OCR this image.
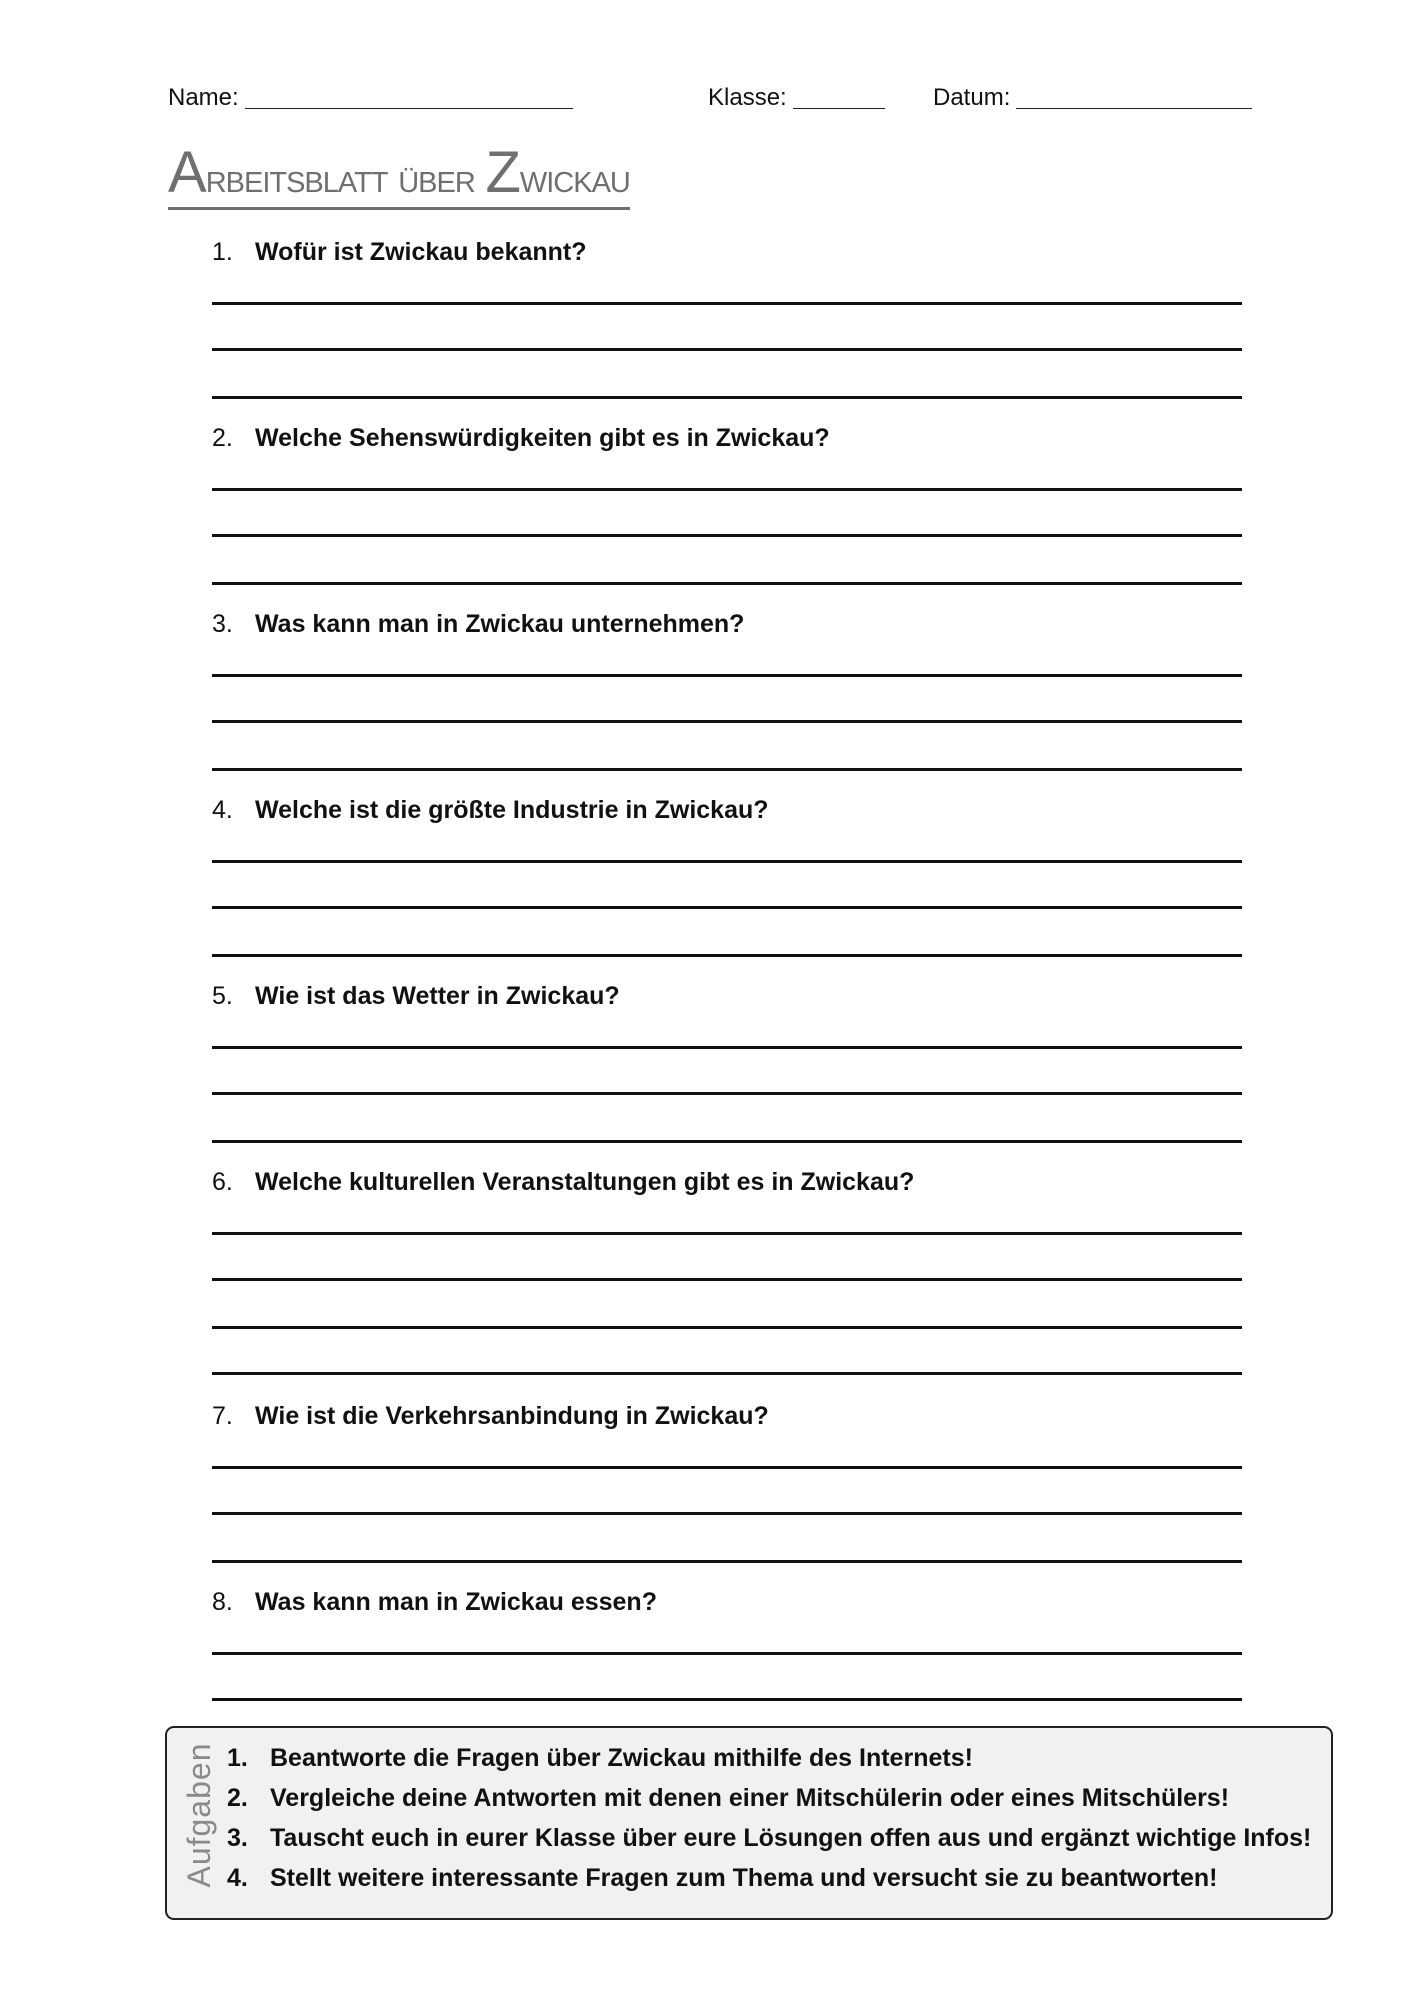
Name:	Klasse:	Datum:
Arbeitsblatt über Zwickau
1. Wofür ist Zwickau bekannt?
2. Welche Sehenswürdigkeiten gibt es in Zwickau?
3. Was kann man in Zwickau unternehmen?
4. Welche ist die größte Industrie in Zwickau?
5. Wie ist das Wetter in Zwickau?
6. Welche kulturellen Veranstaltungen gibt es in Zwickau?
7. Wie ist die Verkehrsanbindung in Zwickau?
8. Was kann man in Zwickau essen?
Aufgaben 1. Beantworte die Fragen über Zwickau mithilfe des Internets!
2. Vergleiche deine Antworten mit denen einer Mitschülerin oder eines Mitschülers!
3. Tauscht euch in eurer Klasse über eure Lösungen offen aus und ergänzt wichtige Infos!
4. Stellt weitere interessante Fragen zum Thema und versucht sie zu beantworten!
